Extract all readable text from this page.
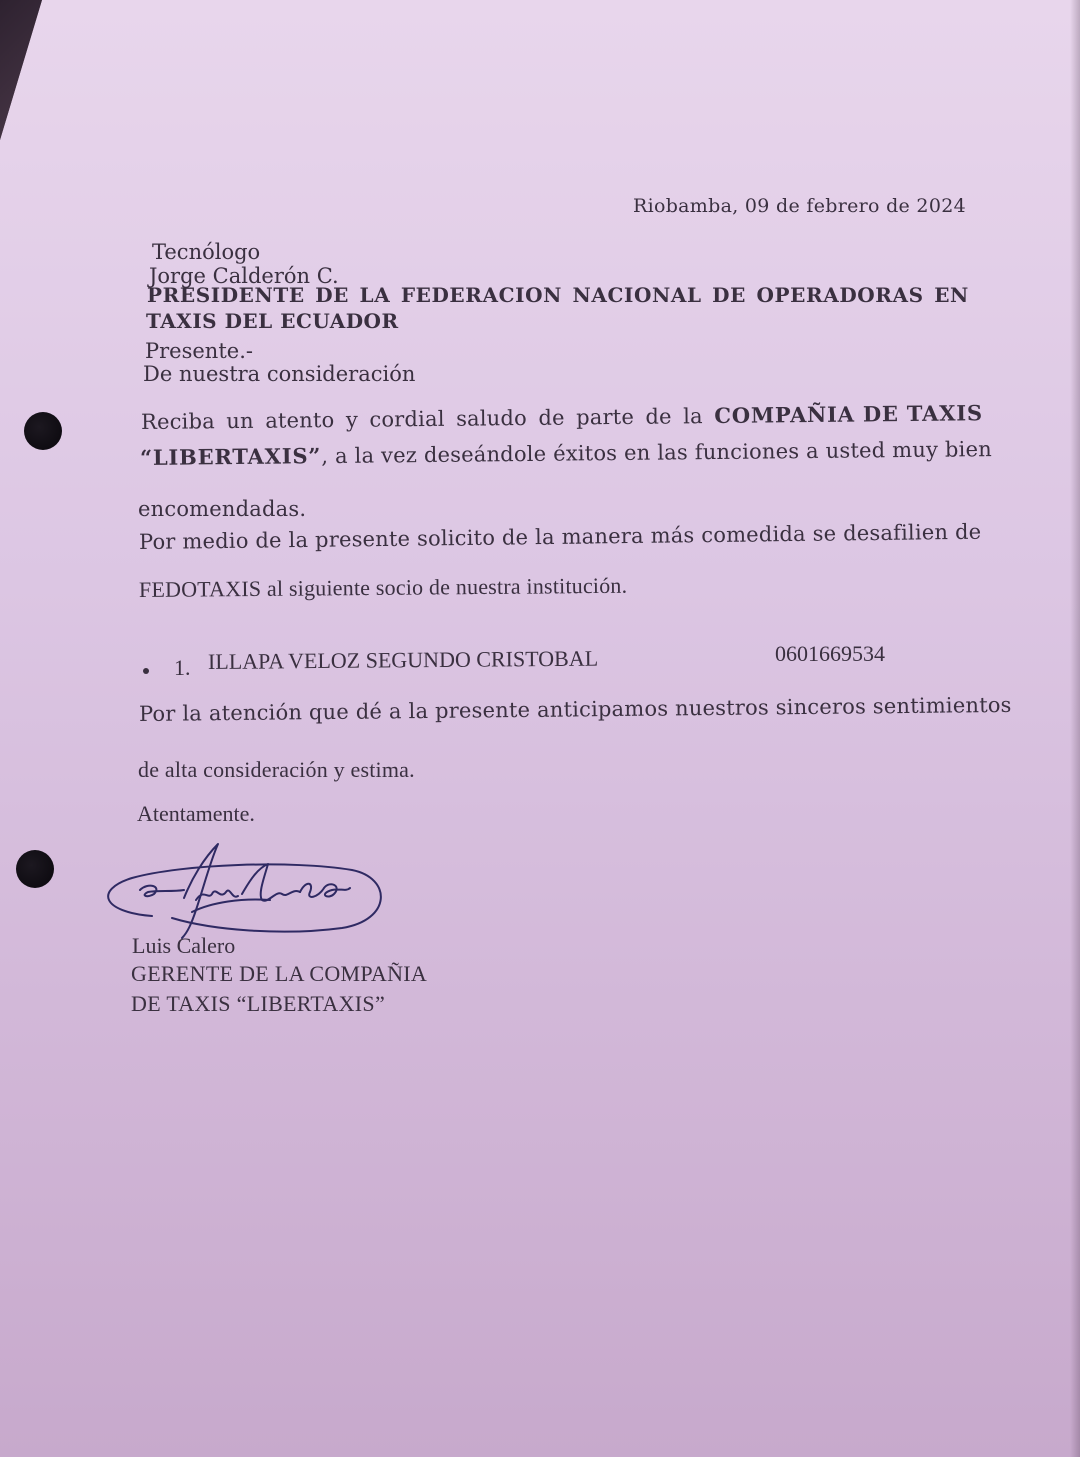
Riobamba, 09 de febrero de 2024
Tecnólogo
Jorge Calderón C.
PRESIDENTE DE LA FEDERACION NACIONAL DE OPERADORAS EN
TAXIS DEL ECUADOR
Presente.-
De nuestra consideración
Reciba un atento y cordial saludo de parte de la COMPAÑIA DE TAXIS
“LIBERTAXIS”, a la vez deseándole éxitos en las funciones a usted muy bien
encomendadas.
Por medio de la presente solicito de la manera más comedida se desafilien de
FEDOTAXIS al siguiente socio de nuestra institución.
1. ILLAPA VELOZ SEGUNDO CRISTOBAL	0601669534
Por la atención que dé a la presente anticipamos nuestros sinceros sentimientos
de alta consideración y estima.
Atentamente.
Luis Calero
GERENTE DE LA COMPAÑIA
DE TAXIS “LIBERTAXIS”
